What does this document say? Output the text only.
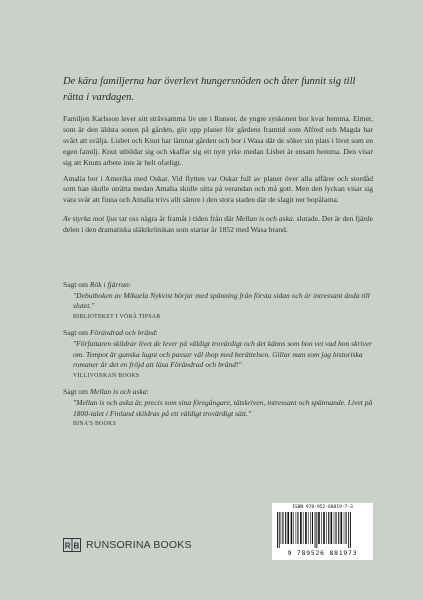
De kära familjerna har överlevt hungersnöden och åter funnit sig till rätta i vardagen.

Familjen Karlsson lever sitt strävsamma liv ute i Runsor, de yngre syskonen bor kvar hemma. Elmer, som är den äldsta sonen på gården, gör upp planer för gårdens framtid som Alfred och Magda har svårt att svälja. Lisbet och Knut har lämnat gården och bor i Wasa där de söker sin plats i livet som en egen familj. Knut utbildar sig och skaffar sig ett nytt yrke medan Lisbet är ensam hemma. Den visar sig att Knuts arbete inte är helt ofarligt.

Amalia bor i Amerika med Oskar. Vid flytten var Oskar full av planer över alla affärer och stordåd som han skulle uträtta medan Amalia skulle sitta på verandan och må gott. Men den lyckan visar sig vara svår att finna och Amalia trivs allt sämre i den stora staden där de slagit ner bopålarna.

Av styrka mot ljus tar oss några år framåt i tiden från där Mellan is och aska. slutade. Det är den fjärde delen i den dramatiska släktkrönikan som startar år 1852 med Wasa brand.

Sagt om Rök i fjärran:
"Debutboken av Mikaela Nykvist börjar med spänning från första sidan och är intressant ända till slutet."
BIBLIOTEKET I VÖRÅ TIPSAR
Sagt om Förändrad och bränd:
"Författaren skildrar livet de lever på väldigt trovärdigt och det känns som hon vet vad hon skriver om. Tempot är ganska lugnt och passar väl ihop med berättelsen. Gillar man som jag historiska romaner är det en fröjd att läsa Förändrad och bränd!"
VILLIVONKAN BOOKS
Sagt om Mellan is och aska:
"Mellan is och aska är, precis som sina föregångare, tätskriven, intressant och spännande. Livet på 1800-talet i Finland skildras på ett väldigt trovärdigt sätt."
BINA'S BOOKS
ISBN 978-952-68819-7-3
9 789526 881973
R B RUNSORINA BOOKS
